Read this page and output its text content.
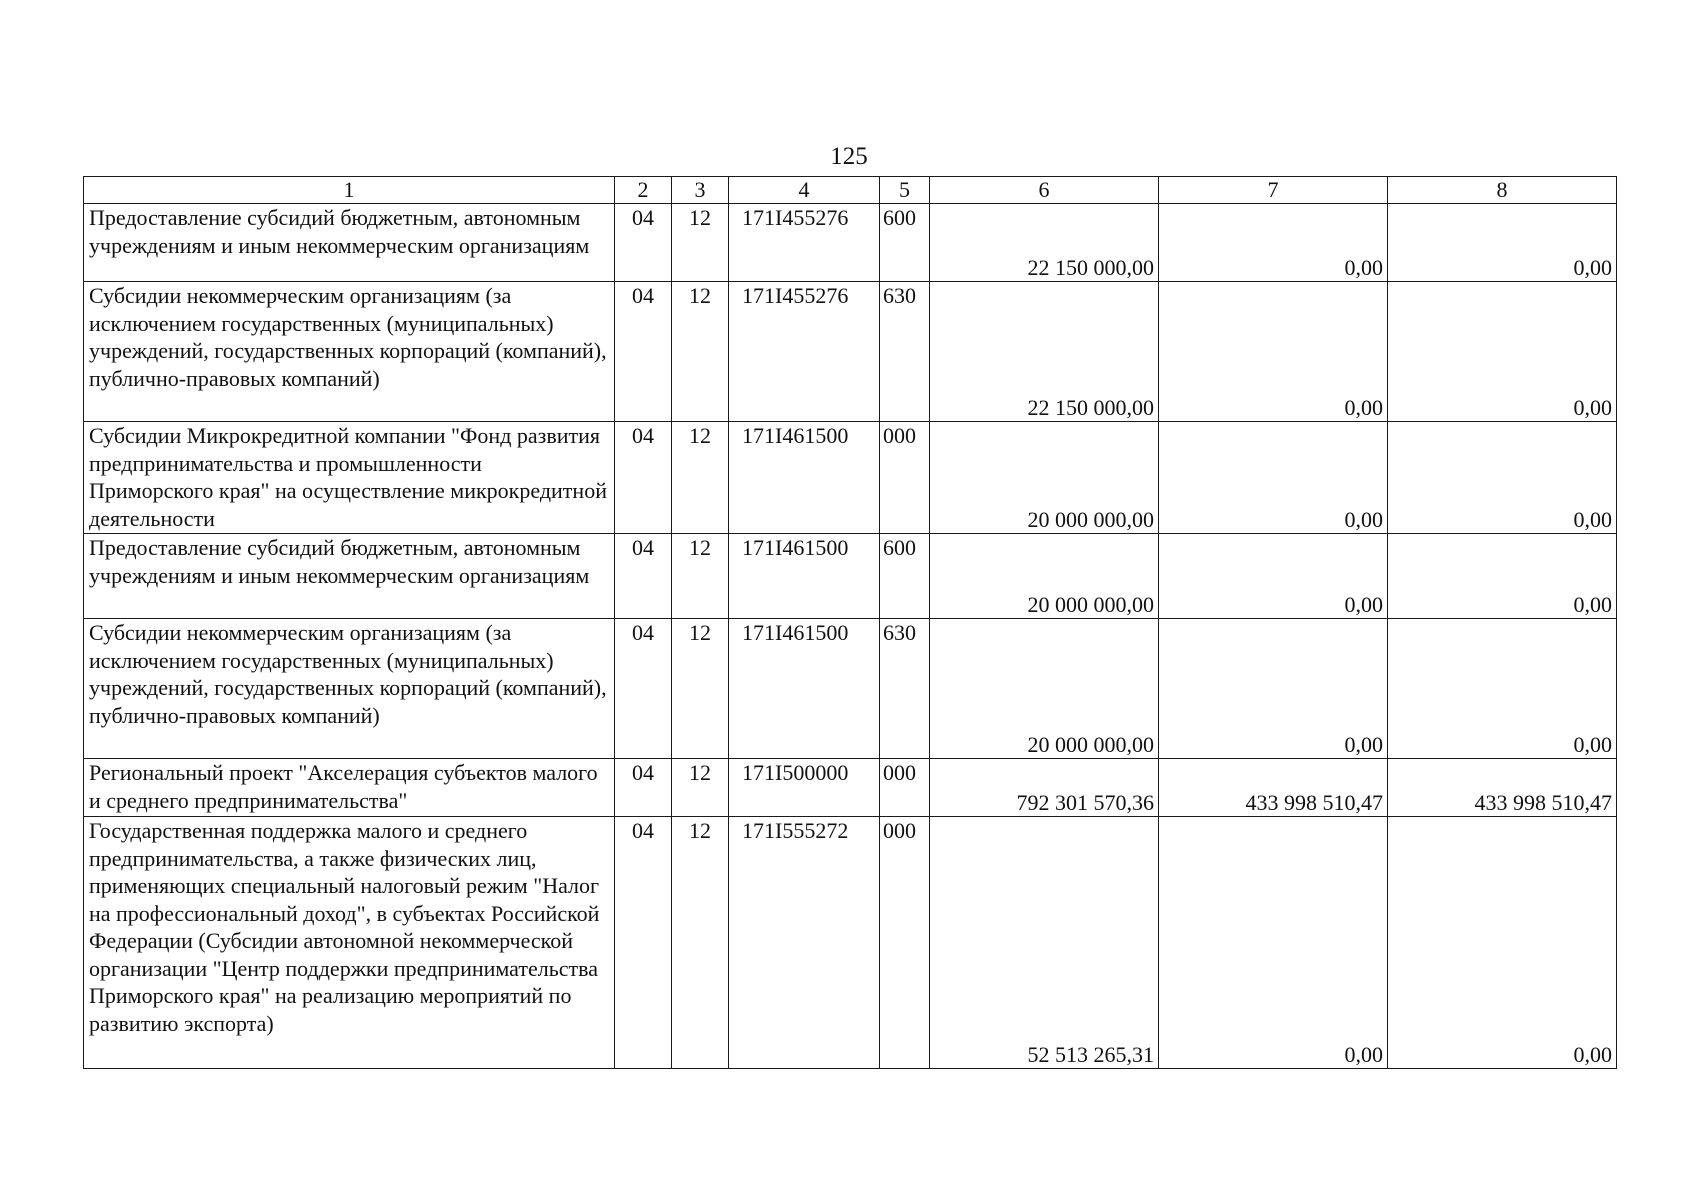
125
1	2	3	4	5	6	7	8
Предоставление субсидий бюджетным, автономным учреждениям и иным некоммерческим организациям	04	12	171I455276	600	22 150 000,00	0,00	0,00
Субсидии некоммерческим организациям (за исключением государственных (муниципальных) учреждений, государственных корпораций (компаний), публично-правовых компаний)	04	12	171I455276	630	22 150 000,00	0,00	0,00
Субсидии Микрокредитной компании "Фонд развития предпринимательства и промышленности Приморского края" на осуществление микрокредитной деятельности	04	12	171I461500	000	20 000 000,00	0,00	0,00
Предоставление субсидий бюджетным, автономным учреждениям и иным некоммерческим организациям	04	12	171I461500	600	20 000 000,00	0,00	0,00
Субсидии некоммерческим организациям (за исключением государственных (муниципальных) учреждений, государственных корпораций (компаний), публично-правовых компаний)	04	12	171I461500	630	20 000 000,00	0,00	0,00
Региональный проект "Акселерация субъектов малого и среднего предпринимательства"	04	12	171I500000	000	792 301 570,36	433 998 510,47	433 998 510,47
Государственная поддержка малого и среднего предпринимательства, а также физических лиц, применяющих специальный налоговый режим "Налог на профессиональный доход", в субъектах Российской Федерации (Субсидии автономной некоммерческой организации "Центр поддержки предпринимательства Приморского края" на реализацию мероприятий по развитию экспорта)	04	12	171I555272	000	52 513 265,31	0,00	0,00
